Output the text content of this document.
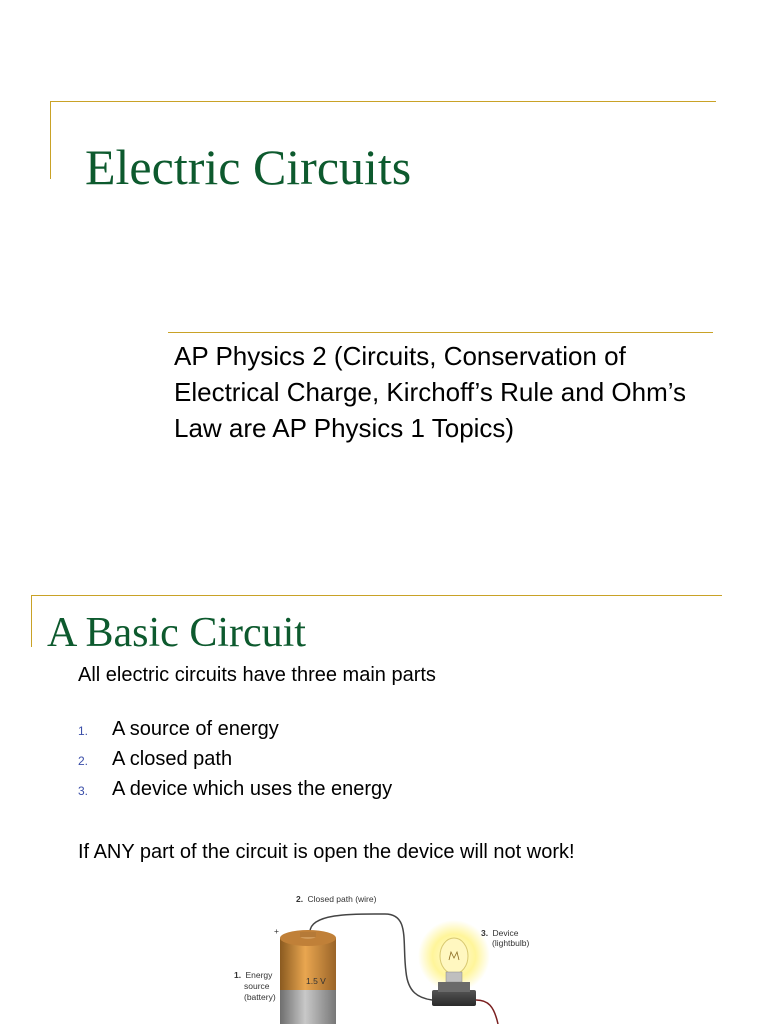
Electric Circuits
AP Physics 2 (Circuits, Conservation of Electrical Charge, Kirchoff’s Rule and Ohm’s Law are AP Physics 1 Topics)
A Basic Circuit
All electric circuits have three main parts
1. A source of energy
2. A closed path
3. A device which uses the energy
If ANY part of the circuit is open the device will not work!
2. Closed path (wire)
3. Device
(lightbulb)
+
1.5 V
1. Energy
source
(battery)
